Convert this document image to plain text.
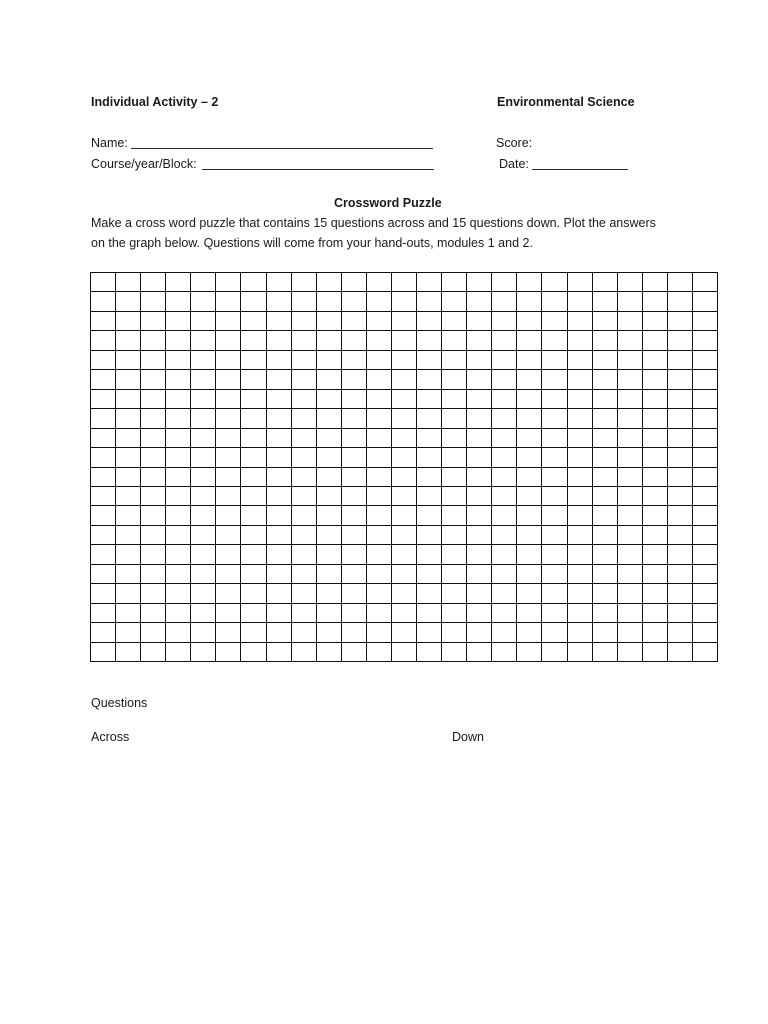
Individual Activity – 2	Environmental Science
Name:	Score:
Course/year/Block:	Date:
Crossword Puzzle

Make a cross word puzzle that contains 15 questions across and 15 questions down. Plot the answers

on the graph below. Questions will come from your hand-outs, modules 1 and 2.

Questions
Across	Down
